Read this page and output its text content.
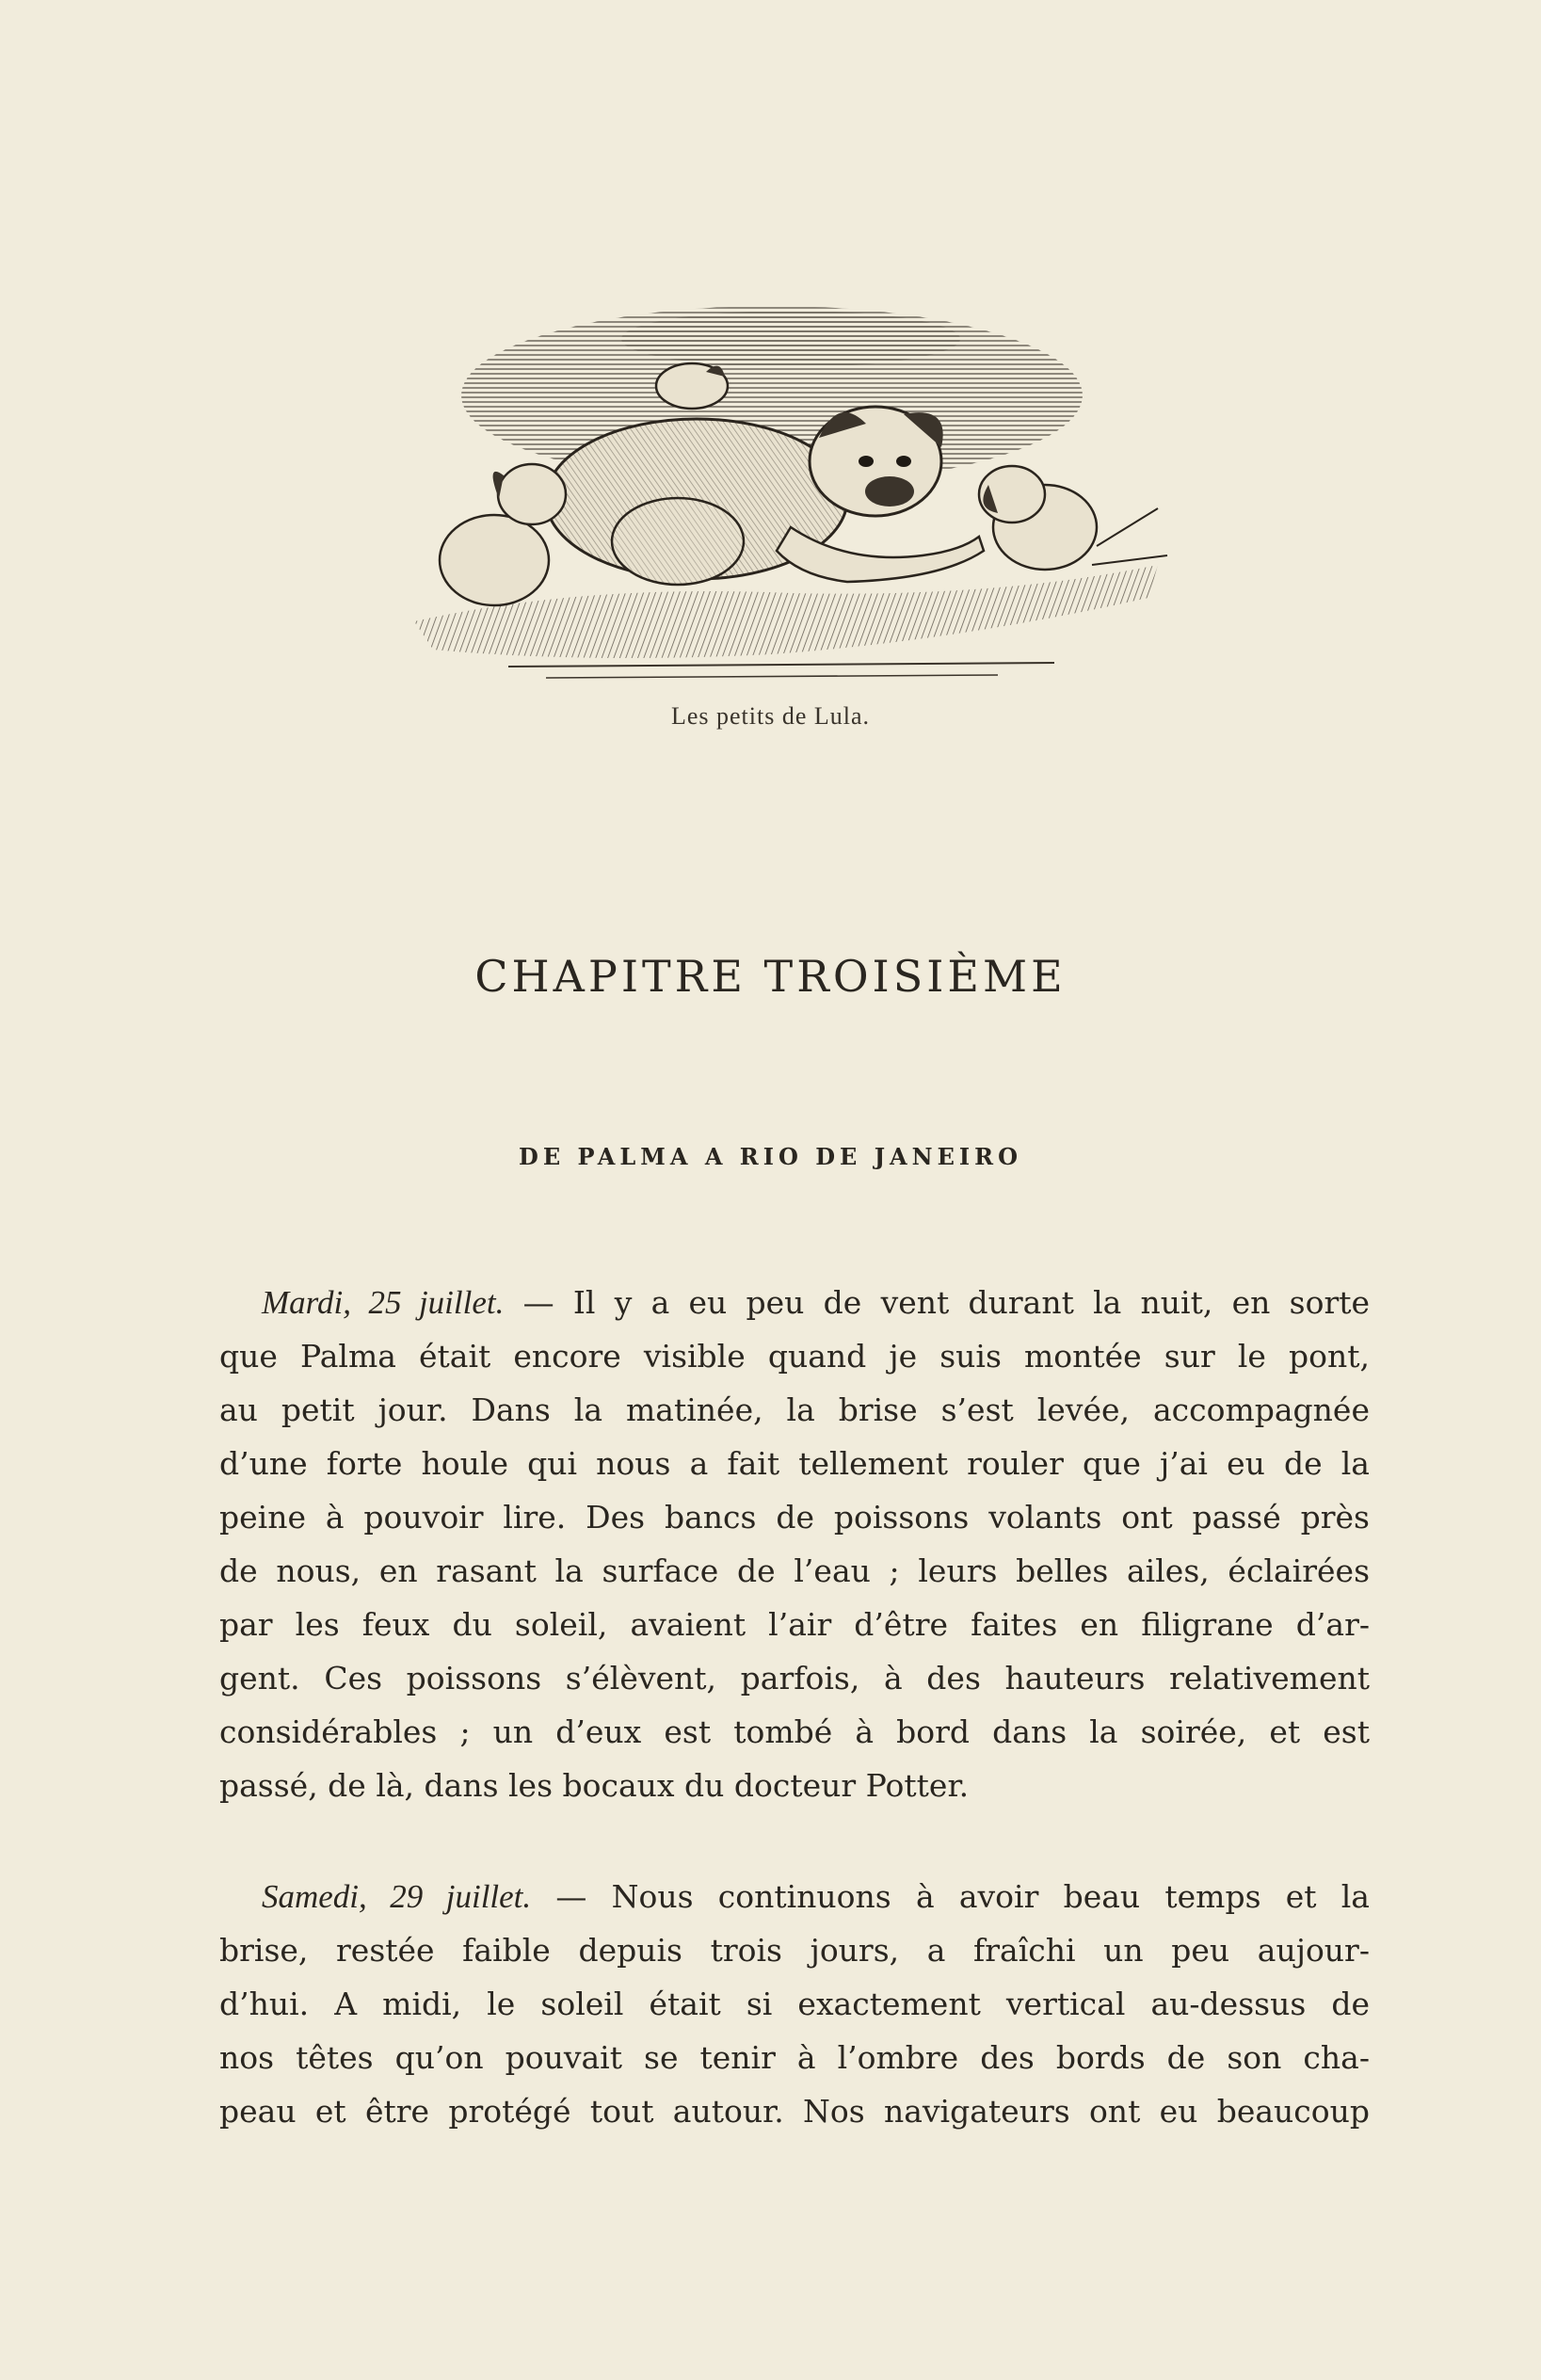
Les petits de Lula.
CHAPITRE TROISIÈME
DE PALMA A RIO DE JANEIRO
Mardi, 25 juillet. — Il y a eu peu de vent durant la nuit, en sorte
que Palma était encore visible quand je suis montée sur le pont,
au petit jour. Dans la matinée, la brise s’est levée, accompagnée
d’une forte houle qui nous a fait tellement rouler que j’ai eu de la
peine à pouvoir lire. Des bancs de poissons volants ont passé près
de nous, en rasant la surface de l’eau ; leurs belles ailes, éclairées
par les feux du soleil, avaient l’air d’être faites en filigrane d’ar-
gent. Ces poissons s’élèvent, parfois, à des hauteurs relativement
considérables ; un d’eux est tombé à bord dans la soirée, et est
passé, de là, dans les bocaux du docteur Potter.
Samedi, 29 juillet. — Nous continuons à avoir beau temps et la
brise, restée faible depuis trois jours, a fraîchi un peu aujour-
d’hui. A midi, le soleil était si exactement vertical au-dessus de
nos têtes qu’on pouvait se tenir à l’ombre des bords de son cha-
peau et être protégé tout autour. Nos navigateurs ont eu beaucoup
